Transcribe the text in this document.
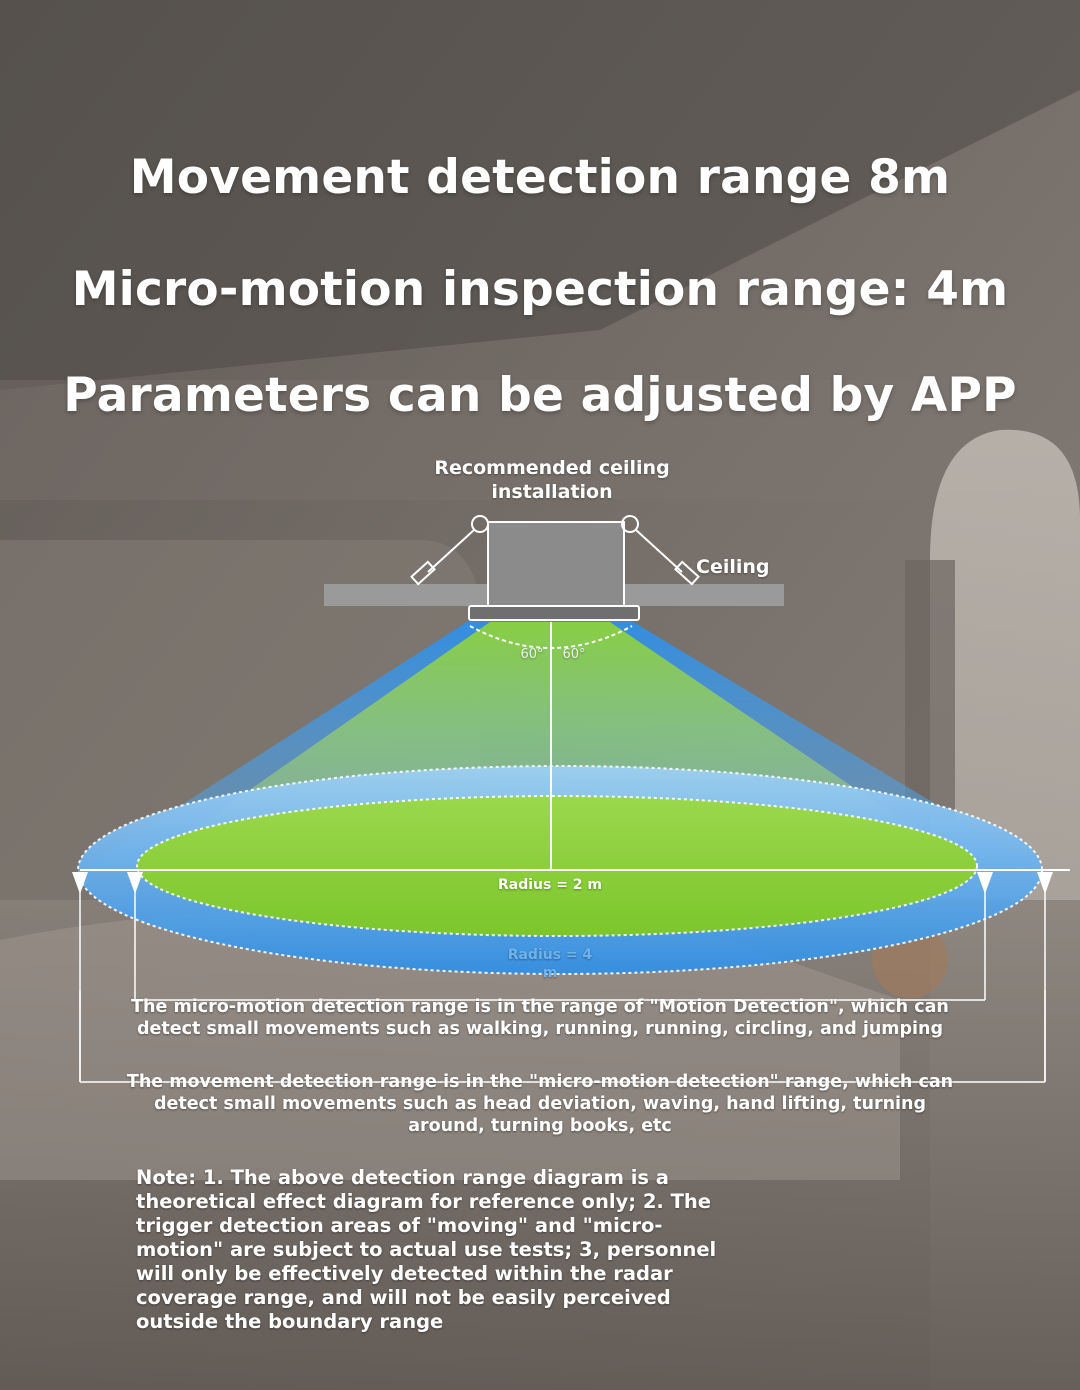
Movement detection range 8m
Micro-motion inspection range: 4m
Parameters can be adjusted by APP
Recommended ceiling installation
Ceiling
60°	60°
Radius = 2 m
Radius = 4 m
The micro-motion detection range is in the range of "Motion Detection", which can detect small movements such as walking, running, running, circling, and jumping
The movement detection range is in the "micro-motion detection" range, which can detect small movements such as head deviation, waving, hand lifting, turning around, turning books, etc
Note: 1. The above detection range diagram is a theoretical effect diagram for reference only; 2. The trigger detection areas of "moving" and "micro-motion" are subject to actual use tests; 3, personnel will only be effectively detected within the radar coverage range, and will not be easily perceived outside the boundary range
